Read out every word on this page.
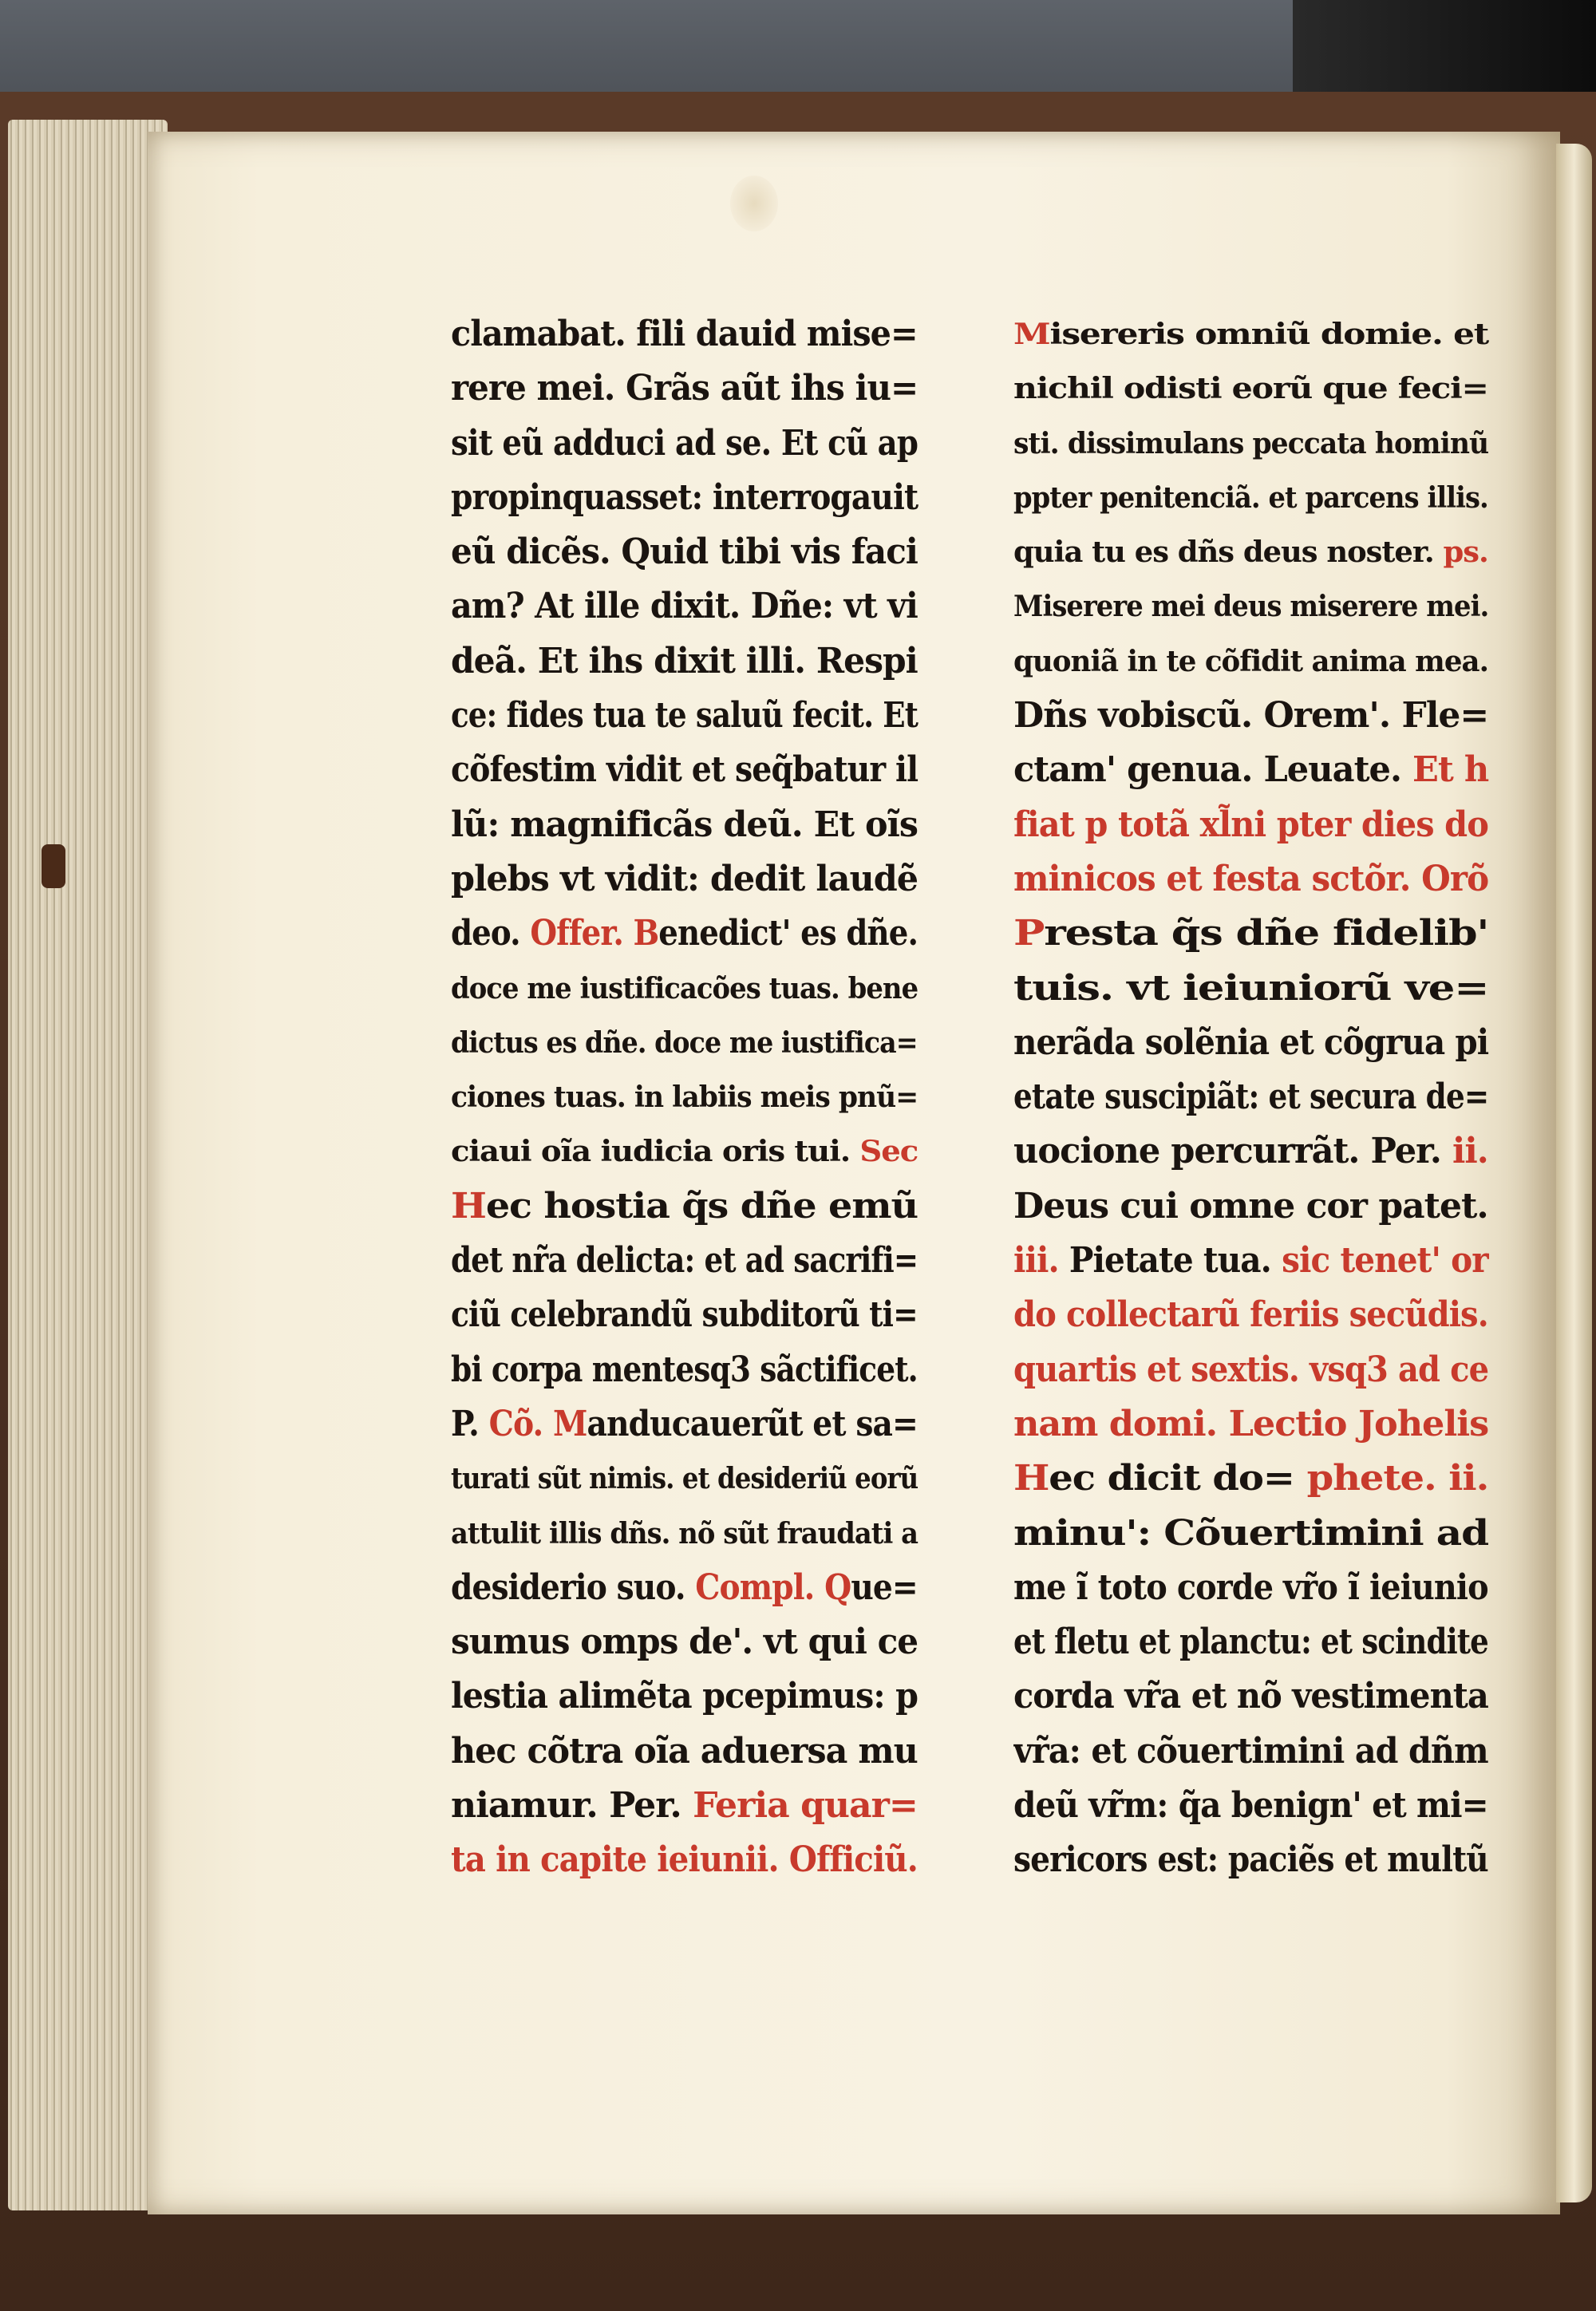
clamabat. fili dauid mise=
rere mei. Grãs aũt ihs iu=
sit eũ adduci ad se. Et cũ ap
propinquasset: interrogauit
eũ dicẽs. Quid tibi vis faci
am? At ille dixit. Dñe: vt vi
deã. Et ihs dixit illi. Respi
ce: fides tua te saluũ fecit. Et
cõfestim vidit et seq̃batur il
lũ: magnificãs deũ. Et oĩs
plebs vt vidit: dedit laudẽ
deo. Offer. Benedict' es dñe.
doce me iustificacões tuas. bene
dictus es dñe. doce me iustifica=
ciones tuas. in labiis meis pnũ=
ciaui oĩa iudicia oris tui. Sec
Hec hostia q̃s dñe emũ
det nr̃a delicta: et ad sacrifi=
ciũ celebrandũ subditorũ ti=
bi corpa mentesq3 sãctificet.
P. Cõ. Manducauerũt et sa=
turati sũt nimis. et desideriũ eorũ
attulit illis dñs. nõ sũt fraudati a
desiderio suo. Compl. Que=
sumus omps de'. vt qui ce
lestia alimẽta pcepimus: p
hec cõtra oĩa aduersa mu
niamur. Per. Feria quar=
ta in capite ieiunii. Officiũ.
Misereris omniũ domie. et
nichil odisti eorũ que feci=
sti. dissimulans peccata hominũ
ppter penitenciã. et parcens illis.
quia tu es dñs deus noster. ps.
Miserere mei deus miserere mei.
quoniã in te cõfidit anima mea.
Dñs vobiscũ. Orem'. Fle=
ctam' genua. Leuate. Et h
fiat p totã xl̃ni pter dies do
minicos et festa sctõr. Orõ
Presta q̃s dñe fidelib'
tuis. vt ieiuniorũ ve=
nerãda solẽnia et cõgrua pi
etate suscipiãt: et secura de=
uocione percurrãt. Per. ii.
Deus cui omne cor patet.
iii. Pietate tua. sic tenet' or
do collectarũ feriis secũdis.
quartis et sextis. vsq3 ad ce
nam domi. Lectio Johelis
Hec dicit do= phete. ii.
minu': Cõuertimini ad
me ĩ toto corde vr̃o ĩ ieiunio
et fletu et planctu: et scindite
corda vr̃a et nõ vestimenta
vr̃a: et cõuertimini ad dñm
deũ vr̃m: q̃a benign' et mi=
sericors est: paciẽs et multũ
